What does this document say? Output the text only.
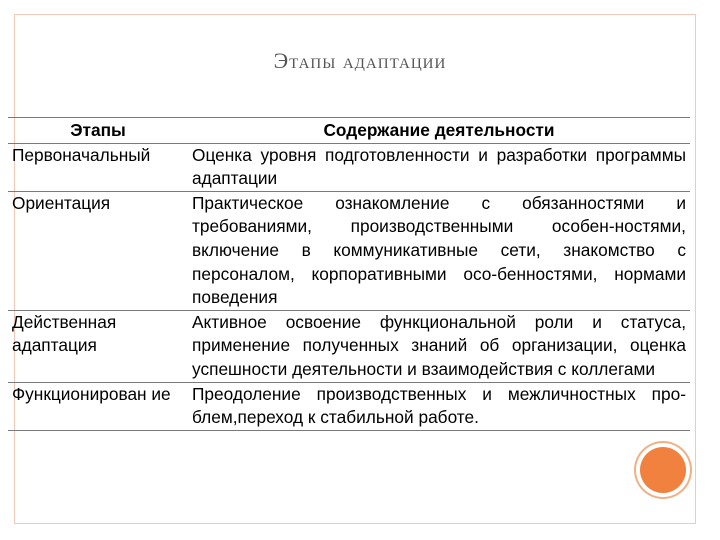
Этапы адаптации
Этапы	Содержание деятельности
Первоначальный	Оценка уровня подготовленности и разработки программы адаптации
Ориентация	Практическое ознакомление с обязанностями и требованиями, производственными особен-ностями, включение в коммуникативные сети, знакомство с персоналом, корпоративными осо-бенностями, нормами поведения
Действенная адаптация	Активное освоение функциональной роли и статуса, применение полученных знаний об организации, оценка успешности деятельности и взаимодействия с коллегами
Функционирован ие	Преодоление производственных и межличностных про-блем,переход к стабильной работе.
